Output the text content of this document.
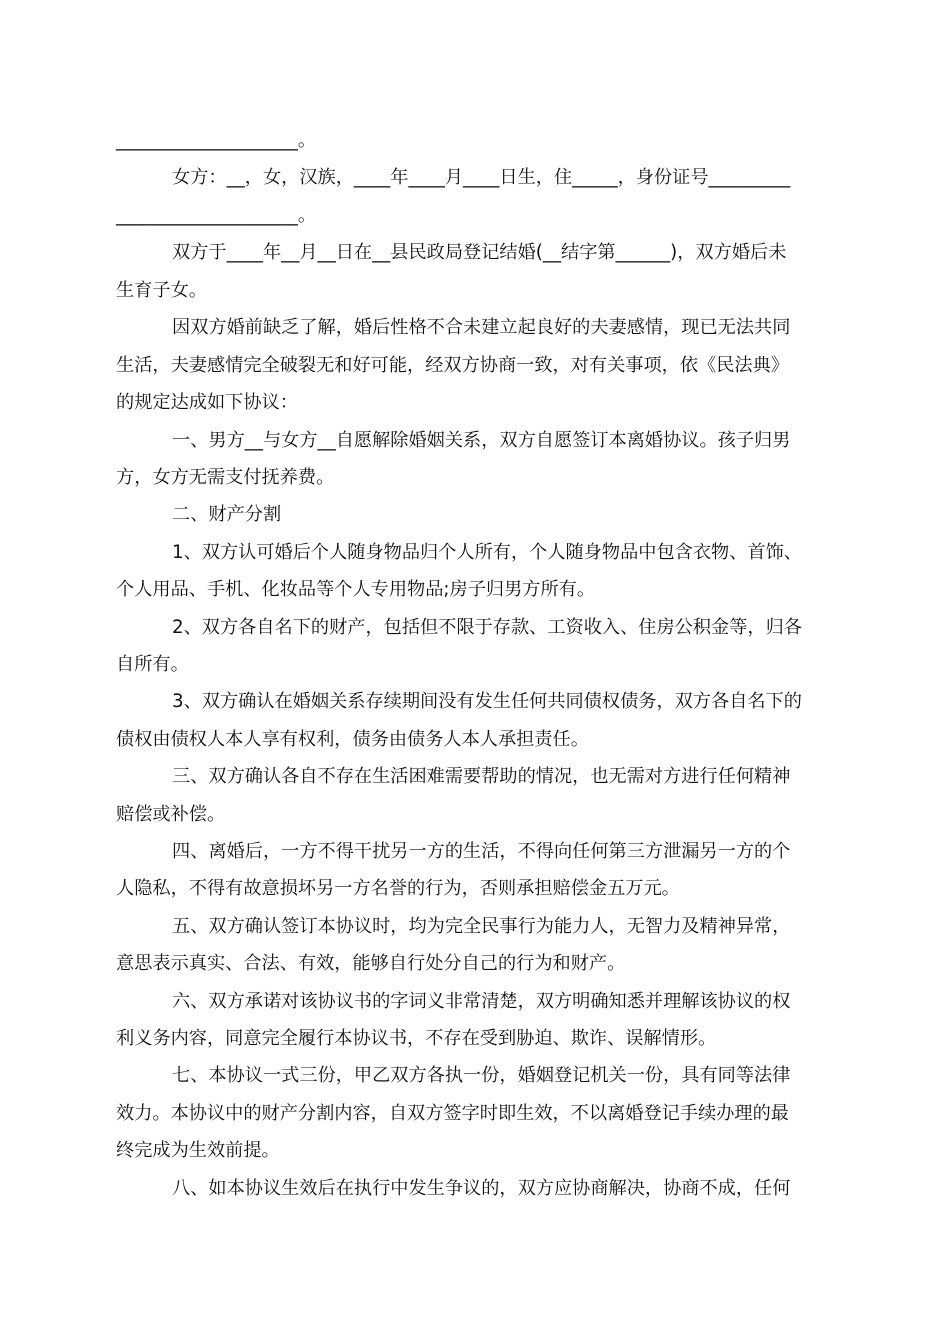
____________________。
女方：__，女，汉族，____年____月____日生，住_____，身份证号_________
____________________。
双方于____年__月__日在__县民政局登记结婚(__结字第______)，双方婚后未
生育子女。
因双方婚前缺乏了解，婚后性格不合未建立起良好的夫妻感情，现已无法共同
生活，夫妻感情完全破裂无和好可能，经双方协商一致，对有关事项，依《民法典》
的规定达成如下协议：
一、男方__与女方__自愿解除婚姻关系，双方自愿签订本离婚协议。孩子归男
方，女方无需支付抚养费。
二、财产分割
1、双方认可婚后个人随身物品归个人所有，个人随身物品中包含衣物、首饰、
个人用品、手机、化妆品等个人专用物品;房子归男方所有。
2、双方各自名下的财产，包括但不限于存款、工资收入、住房公积金等，归各
自所有。
3、双方确认在婚姻关系存续期间没有发生任何共同债权债务，双方各自名下的
债权由债权人本人享有权利，债务由债务人本人承担责任。
三、双方确认各自不存在生活困难需要帮助的情况，也无需对方进行任何精神
赔偿或补偿。
四、离婚后，一方不得干扰另一方的生活，不得向任何第三方泄漏另一方的个
人隐私，不得有故意损坏另一方名誉的行为，否则承担赔偿金五万元。
五、双方确认签订本协议时，均为完全民事行为能力人，无智力及精神异常，
意思表示真实、合法、有效，能够自行处分自己的行为和财产。
六、双方承诺对该协议书的字词义非常清楚，双方明确知悉并理解该协议的权
利义务内容，同意完全履行本协议书，不存在受到胁迫、欺诈、误解情形。
七、本协议一式三份，甲乙双方各执一份，婚姻登记机关一份，具有同等法律
效力。本协议中的财产分割内容，自双方签字时即生效，不以离婚登记手续办理的最
终完成为生效前提。
八、如本协议生效后在执行中发生争议的，双方应协商解决，协商不成，任何
